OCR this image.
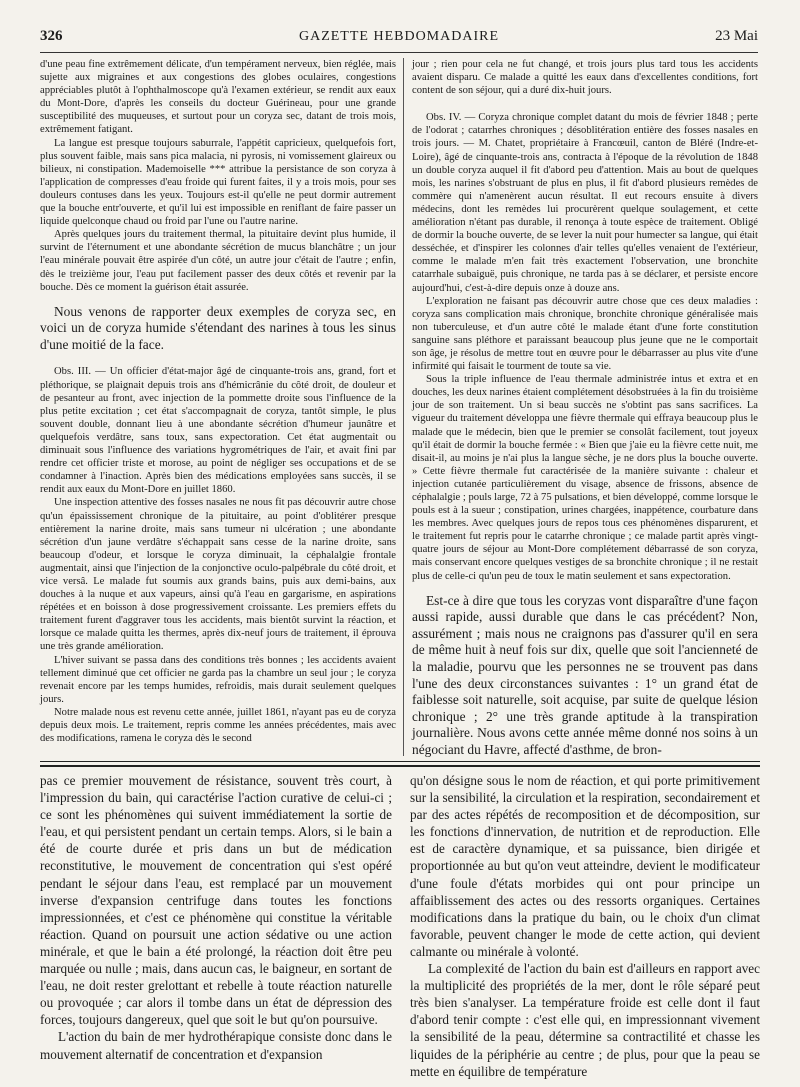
326	GAZETTE HEBDOMADAIRE	23 Mai

d'une peau fine extrêmement délicate, d'un tempérament nerveux, bien réglée, mais sujette aux migraines et aux congestions des globes oculaires, congestions appréciables plutôt à l'ophthalmoscope qu'à l'examen extérieur, se rendit aux eaux du Mont-Dore, d'après les conseils du docteur Guérineau, pour une grande susceptibilité des muqueuses, et surtout pour un coryza sec, datant de trois mois, extrêmement fatigant.

La langue est presque toujours saburrale, l'appétit capricieux, quelquefois fort, plus souvent faible, mais sans pica malacia, ni pyrosis, ni vomissement glaireux ou bilieux, ni constipation. Mademoiselle *** attribue la persistance de son coryza à l'application de compresses d'eau froide qui furent faites, il y a trois mois, pour ses douleurs contuses dans les yeux. Toujours est-il qu'elle ne peut dormir autrement que la bouche entr'ouverte, et qu'il lui est impossible en reniflant de faire passer un liquide quelconque chaud ou froid par l'une ou l'autre narine.

Après quelques jours du traitement thermal, la pituitaire devint plus humide, il survint de l'éternument et une abondante sécrétion de mucus blanchâtre ; un jour l'eau minérale pouvait être aspirée d'un côté, un autre jour c'était de l'autre ; enfin, dès le treizième jour, l'eau put facilement passer des deux côtés et revenir par la bouche. Dès ce moment la guérison était assurée.

Nous venons de rapporter deux exemples de coryza sec, en voici un de coryza humide s'étendant des narines à tous les sinus d'une moitié de la face.

Obs. III. — Un officier d'état-major âgé de cinquante-trois ans, grand, fort et pléthorique, se plaignait depuis trois ans d'hémicrânie du côté droit, de douleur et de pesanteur au front, avec injection de la pommette droite sous l'influence de la plus petite excitation ; cet état s'accompagnait de coryza, tantôt simple, le plus souvent double, donnant lieu à une abondante sécrétion d'humeur jaunâtre et quelquefois verdâtre, sans toux, sans expectoration. Cet état augmentait ou diminuait sous l'influence des variations hygrométriques de l'air, et avait fini par rendre cet officier triste et morose, au point de négliger ses occupations et de se condamner à l'inaction. Après bien des médications employées sans succès, il se rendit aux eaux du Mont-Dore en juillet 1860.

Une inspection attentive des fosses nasales ne nous fit pas découvrir autre chose qu'un épaississement chronique de la pituitaire, au point d'oblitérer presque entièrement la narine droite, mais sans tumeur ni ulcération ; une abondante sécrétion d'un jaune verdâtre s'échappait sans cesse de la narine droite, sans beaucoup d'odeur, et lorsque le coryza diminuait, la céphalalgie frontale augmentait, ainsi que l'injection de la conjonctive oculo-palpébrale du côté droit, et vice versâ. Le malade fut soumis aux grands bains, puis aux demi-bains, aux douches à la nuque et aux vapeurs, ainsi qu'à l'eau en gargarisme, en aspirations répétées et en boisson à dose progressivement croissante. Les premiers effets du traitement furent d'aggraver tous les accidents, mais bientôt survint la réaction, et lorsque ce malade quitta les thermes, après dix-neuf jours de traitement, il éprouva une très grande amélioration.

L'hiver suivant se passa dans des conditions très bonnes ; les accidents avaient tellement diminué que cet officier ne garda pas la chambre un seul jour ; le coryza revenait encore par les temps humides, refroidis, mais durait seulement quelques jours.

Notre malade nous est revenu cette année, juillet 1861, n'ayant pas eu de coryza depuis deux mois. Le traitement, repris comme les années précédentes, mais avec des modifications, ramena le coryza dès le second

jour ; rien pour cela ne fut changé, et trois jours plus tard tous les accidents avaient disparu. Ce malade a quitté les eaux dans d'excellentes conditions, fort content de son séjour, qui a duré dix-huit jours.

Obs. IV. — Coryza chronique complet datant du mois de février 1848 ; perte de l'odorat ; catarrhes chroniques ; désoblitération entière des fosses nasales en trois jours. — M. Chatet, propriétaire à Francœuil, canton de Bléré (Indre-et-Loire), âgé de cinquante-trois ans, contracta à l'époque de la révolution de 1848 un double coryza auquel il fit d'abord peu d'attention. Mais au bout de quelques mois, les narines s'obstruant de plus en plus, il fit d'abord plusieurs remèdes de commère qui n'amenèrent aucun résultat. Il eut recours ensuite à divers médecins, dont les remèdes lui procurèrent quelque soulagement, et cette amélioration n'étant pas durable, il renonça à toute espèce de traitement. Obligé de dormir la bouche ouverte, de se lever la nuit pour humecter sa langue, qui était desséchée, et d'inspirer les colonnes d'air telles qu'elles venaient de l'extérieur, comme le malade m'en fait très exactement l'observation, une bronchite catarrhale subaiguë, puis chronique, ne tarda pas à se déclarer, et persiste encore aujourd'hui, c'est-à-dire depuis onze à douze ans.

L'exploration ne faisant pas découvrir autre chose que ces deux maladies : coryza sans complication mais chronique, bronchite chronique généralisée mais non tuberculeuse, et d'un autre côté le malade étant d'une forte constitution sanguine sans pléthore et paraissant beaucoup plus jeune que ne le comportait son âge, je résolus de mettre tout en œuvre pour le débarrasser au plus vite d'une infirmité qui faisait le tourment de toute sa vie.

Sous la triple influence de l'eau thermale administrée intus et extra et en douches, les deux narines étaient complétement désobstruées à la fin du troisième jour de son traitement. Un si beau succès ne s'obtint pas sans sacrifices. La vigueur du traitement développa une fièvre thermale qui effraya beaucoup plus le malade que le médecin, bien que le premier se consolât facilement, tout joyeux qu'il était de dormir la bouche fermée : « Bien que j'aie eu la fièvre cette nuit, me disait-il, au moins je n'ai plus la langue sèche, je ne dors plus la bouche ouverte. » Cette fièvre thermale fut caractérisée de la manière suivante : chaleur et injection cutanée particulièrement du visage, absence de frissons, absence de céphalalgie ; pouls large, 72 à 75 pulsations, et bien développé, comme lorsque le pouls est à la sueur ; constipation, urines chargées, inappétence, courbature dans les membres. Avec quelques jours de repos tous ces phénomènes disparurent, et le traitement fut repris pour le catarrhe chronique ; ce malade partit après vingt-quatre jours de séjour au Mont-Dore complétement débarrassé de son coryza, mais conservant encore quelques vestiges de sa bronchite chronique ; il ne restait plus de celle-ci qu'un peu de toux le matin seulement et sans expectoration.

Est-ce à dire que tous les coryzas vont disparaître d'une façon aussi rapide, aussi durable que dans le cas précédent? Non, assurément ; mais nous ne craignons pas d'assurer qu'il en sera de même huit à neuf fois sur dix, quelle que soit l'ancienneté de la maladie, pourvu que les personnes ne se trouvent pas dans l'une des deux circonstances suivantes : 1° un grand état de faiblesse soit naturelle, soit acquise, par suite de quelque lésion chronique ; 2° une très grande aptitude à la transpiration journalière. Nous avons cette année même donné nos soins à un négociant du Havre, affecté d'asthme, de bron-

pas ce premier mouvement de résistance, souvent très court, à l'impression du bain, qui caractérise l'action curative de celui-ci ; ce sont les phénomènes qui suivent immédiatement la sortie de l'eau, et qui persistent pendant un certain temps. Alors, si le bain a été de courte durée et pris dans un but de médication reconstitutive, le mouvement de concentration qui s'est opéré pendant le séjour dans l'eau, est remplacé par un mouvement inverse d'expansion centrifuge dans toutes les fonctions impressionnées, et c'est ce phénomène qui constitue la véritable réaction. Quand on poursuit une action sédative ou une action minérale, et que le bain a été prolongé, la réaction doit être peu marquée ou nulle ; mais, dans aucun cas, le baigneur, en sortant de l'eau, ne doit rester grelottant et rebelle à toute réaction naturelle ou provoquée ; car alors il tombe dans un état de dépression des forces, toujours dangereux, quel que soit le but qu'on poursuive.

L'action du bain de mer hydrothérapique consiste donc dans le mouvement alternatif de concentration et d'expansion

qu'on désigne sous le nom de réaction, et qui porte primitivement sur la sensibilité, la circulation et la respiration, secondairement et par des actes répétés de recomposition et de décomposition, sur les fonctions d'innervation, de nutrition et de reproduction. Elle est de caractère dynamique, et sa puissance, bien dirigée et proportionnée au but qu'on veut atteindre, devient le modificateur d'une foule d'états morbides qui ont pour principe un affaiblissement des actes ou des ressorts organiques. Certaines modifications dans la pratique du bain, ou le choix d'un climat favorable, peuvent changer le mode de cette action, qui devient calmante ou minérale à volonté.

La complexité de l'action du bain est d'ailleurs en rapport avec la multiplicité des propriétés de la mer, dont le rôle séparé peut très bien s'analyser. La température froide est celle dont il faut d'abord tenir compte : c'est elle qui, en impressionnant vivement la sensibilité de la peau, détermine sa contractilité et chasse les liquides de la périphérie au centre ; de plus, pour que la peau se mette en équilibre de température
